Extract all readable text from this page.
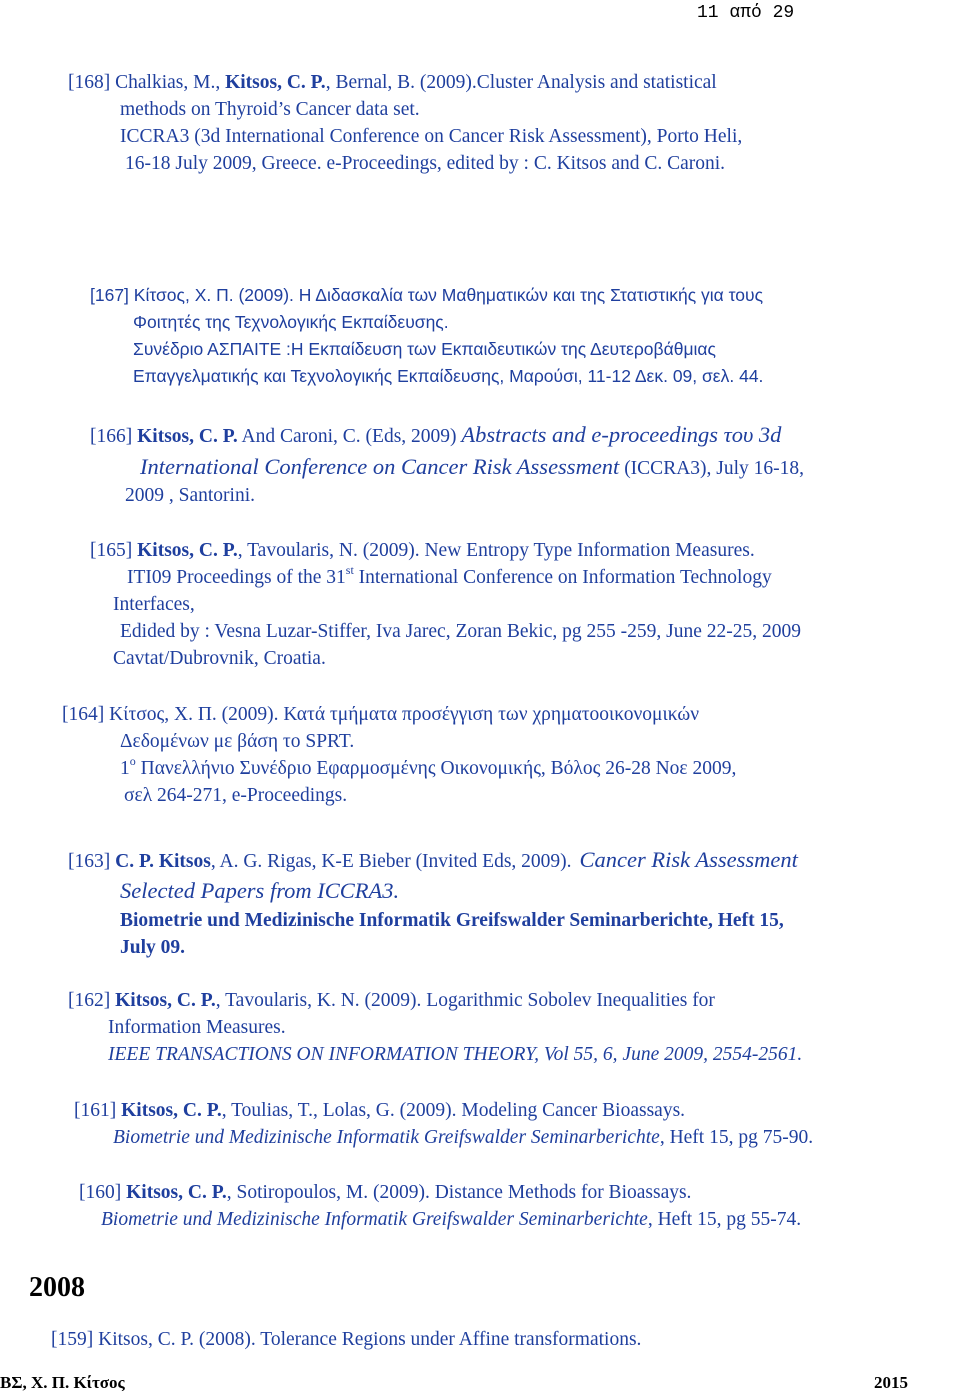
11 από 29
[168] Chalkias, M., Kitsos, C. P., Bernal, B. (2009).Cluster Analysis and statistical
methods on Thyroid’s Cancer data set.
ICCRA3 (3d International Conference on Cancer Risk Assessment), Porto Heli,
16-18 July 2009, Greece. e-Proceedings, edited by : C. Kitsos and C. Caroni.
[167] Κίτσος, Χ. Π. (2009). Η Διδασκαλία των Μαθηματικών και της Στατιστικής για τους
Φοιτητές της Τεχνολογικής Εκπαίδευσης.
Συνέδριο ΑΣΠΑΙΤΕ :Η Εκπαίδευση των Εκπαιδευτικών της Δευτεροβάθμιας
Επαγγελματικής και Τεχνολογικής Εκπαίδευσης, Μαρούσι, 11-12 Δεκ. 09, σελ. 44.
[166] Kitsos, C. P. And Caroni, C. (Eds, 2009) Abstracts and e-proceedings του 3d
International Conference on Cancer Risk Assessment (ICCRA3), July 16-18,
2009 , Santorini.
[165] Kitsos, C. P., Tavoularis, N. (2009). New Entropy Type Information Measures.
ITI09 Proceedings of the 31st International Conference on Information Technology
Interfaces,
Edided by : Vesna Luzar-Stiffer, Iva Jarec, Zoran Bekic, pg 255 -259, June 22-25, 2009
Cavtat/Dubrovnik, Croatia.
[164] Κίτσος, Χ. Π. (2009). Κατά τμήματα προσέγγιση των χρηματοοικονομικών
Δεδομένων με βάση το SPRT.
$1^o$ Πανελλήνιο Συνέδριο Εφαρμοσμένης Οικονομικής, Βόλος 26-28 Νοε 2009,
σελ 264-271, e-Proceedings.
[163] C. P. Kitsos, A. G. Rigas, K-E Bieber (Invited Eds, 2009). Cancer Risk Assessment
Selected Papers from ICCRA3.
Biometrie und Medizinische Informatik Greifswalder Seminarberichte, Heft 15,
July 09.
[162] Kitsos, C. P., Tavoularis, K. N. (2009). Logarithmic Sobolev Inequalities for
Information Measures.
IEEE TRANSACTIONS ON INFORMATION THEORY, Vol 55, 6, June 2009, 2554-2561.
[161] Kitsos, C. P., Toulias, T., Lolas, G. (2009). Modeling Cancer Bioassays.
Biometrie und Medizinische Informatik Greifswalder Seminarberichte, Heft 15, pg 75-90.
[160] Kitsos, C. P., Sotiropoulos, M. (2009). Distance Methods for Bioassays.
Biometrie und Medizinische Informatik Greifswalder Seminarberichte, Heft 15, pg 55-74.
2008
[159] Kitsos, C. P. (2008). Tolerance Regions under Affine transformations.
ΒΣ, Χ. Π. Κίτσος	2015
